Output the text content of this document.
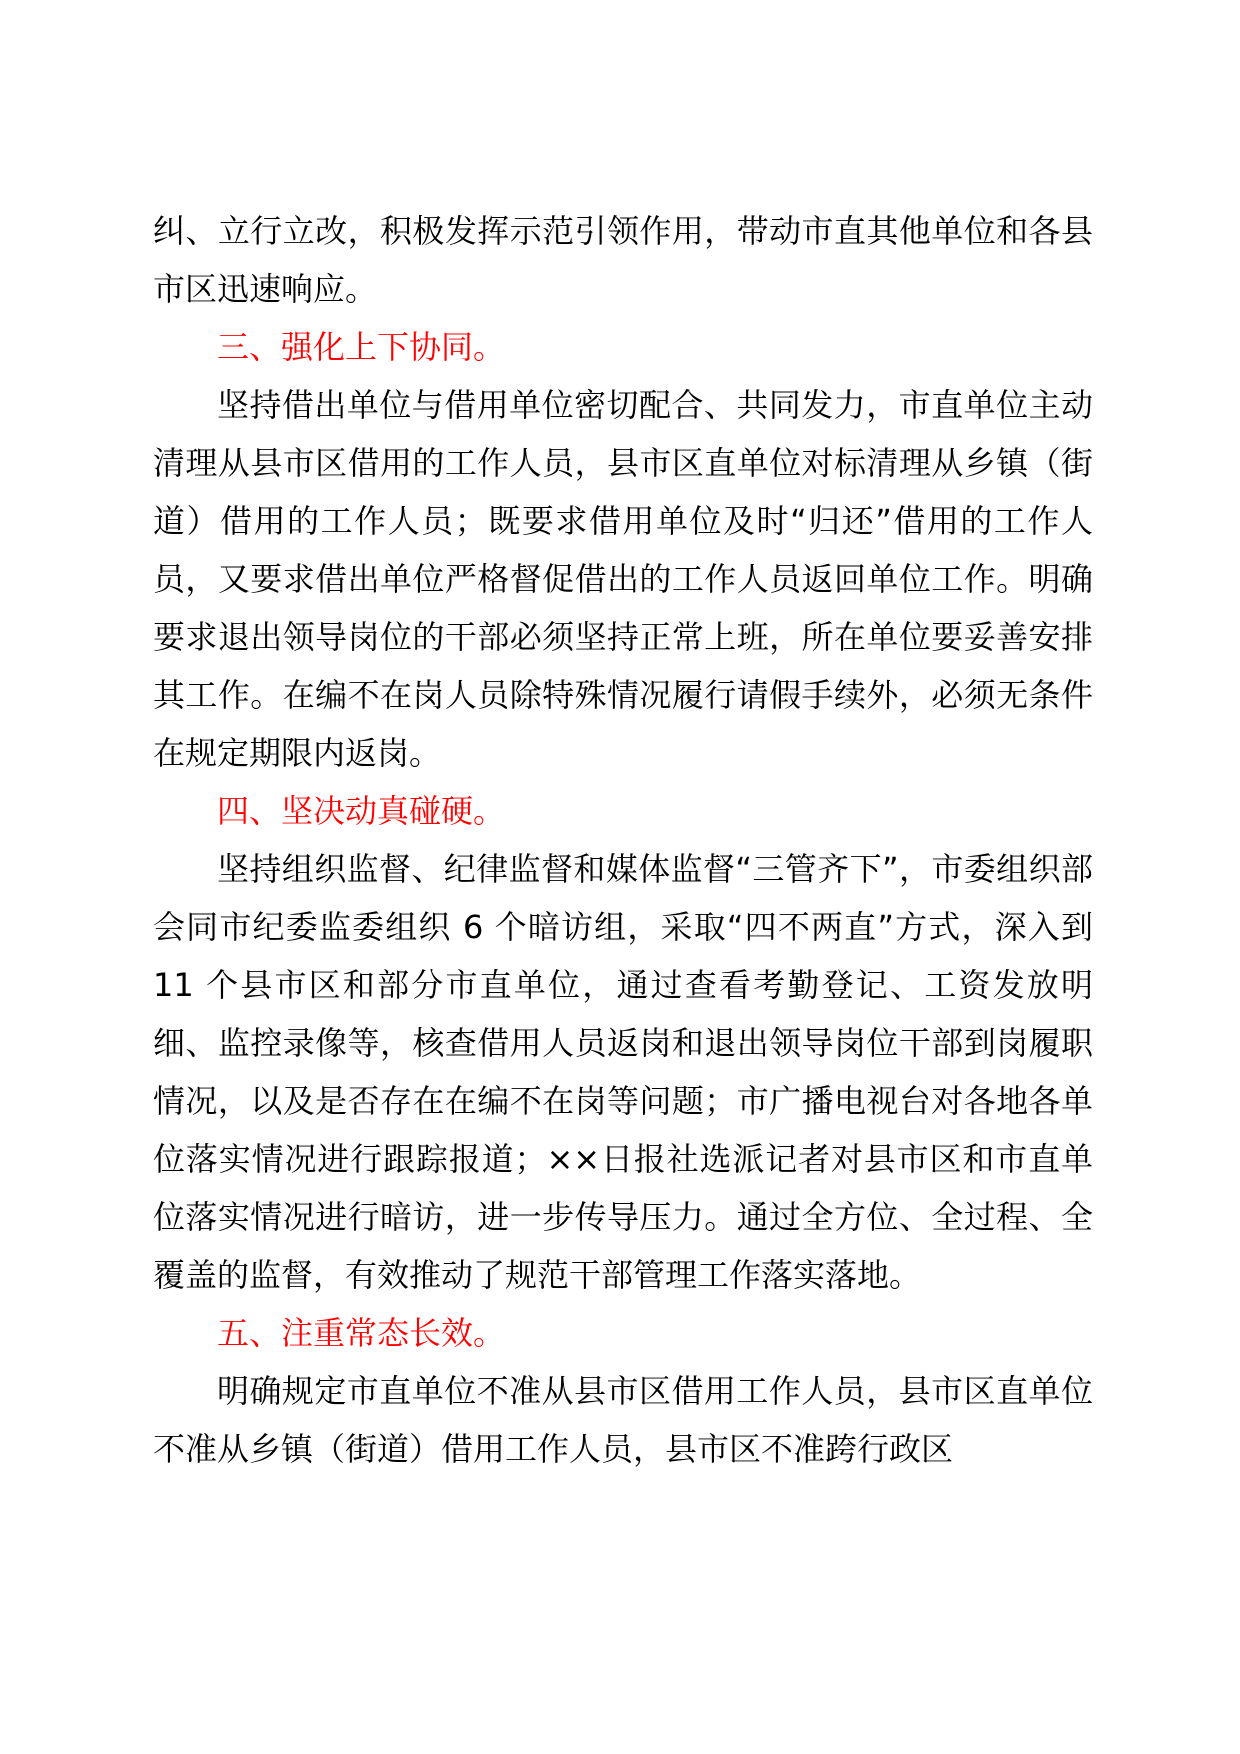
纠、立行立改，积极发挥示范引领作用，带动市直其他单位和各县市区迅速响应。

三、强化上下协同。

坚持借出单位与借用单位密切配合、共同发力，市直单位主动清理从县市区借用的工作人员，县市区直单位对标清理从乡镇（街道）借用的工作人员；既要求借用单位及时“归还”借用的工作人员，又要求借出单位严格督促借出的工作人员返回单位工作。明确要求退出领导岗位的干部必须坚持正常上班，所在单位要妥善安排其工作。在编不在岗人员除特殊情况履行请假手续外，必须无条件在规定期限内返岗。

四、坚决动真碰硬。

坚持组织监督、纪律监督和媒体监督“三管齐下”，市委组织部会同市纪委监委组织 6 个暗访组，采取“四不两直”方式，深入到 11 个县市区和部分市直单位，通过查看考勤登记、工资发放明细、监控录像等，核查借用人员返岗和退出领导岗位干部到岗履职情况，以及是否存在在编不在岗等问题；市广播电视台对各地各单位落实情况进行跟踪报道；××日报社选派记者对县市区和市直单位落实情况进行暗访，进一步传导压力。通过全方位、全过程、全覆盖的监督，有效推动了规范干部管理工作落实落地。

五、注重常态长效。

明确规定市直单位不准从县市区借用工作人员，县市区直单位不准从乡镇（街道）借用工作人员，县市区不准跨行政区
